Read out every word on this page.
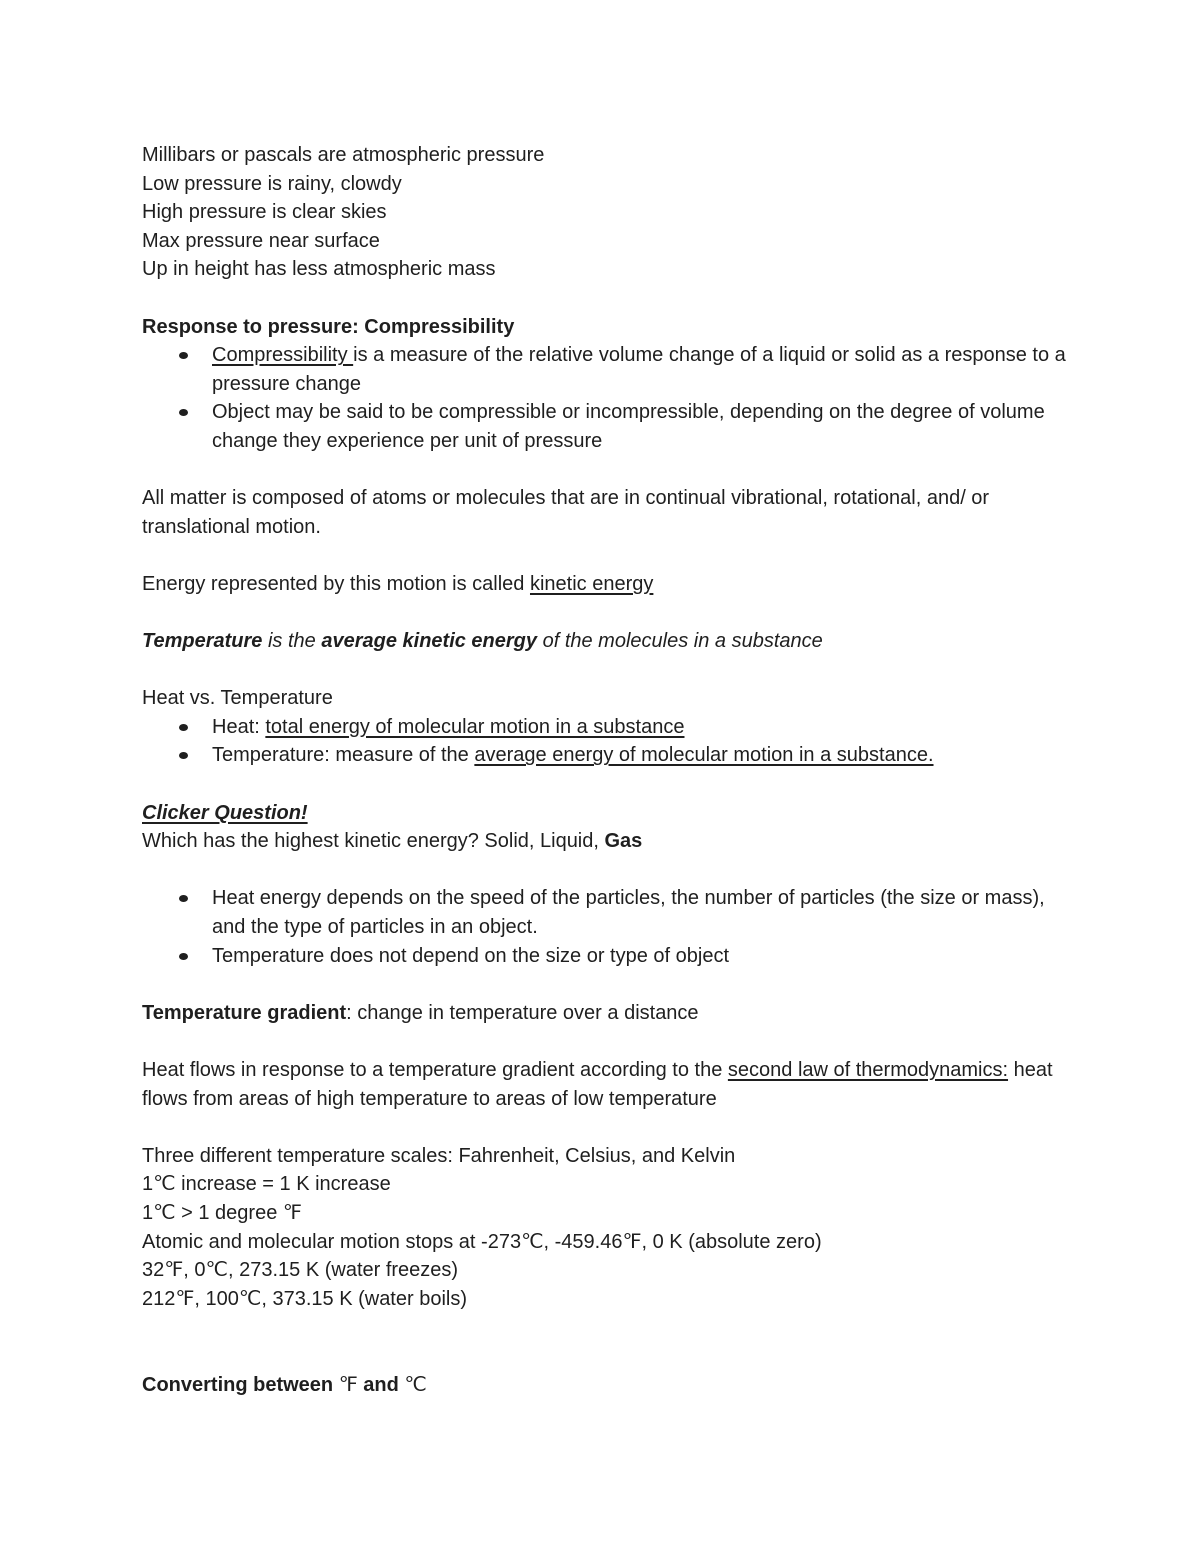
Millibars or pascals are atmospheric pressure

Low pressure is rainy, clowdy

High pressure is clear skies

Max pressure near surface

Up in height has less atmospheric mass

Response to pressure: Compressibility

Compressibility is a measure of the relative volume change of a liquid or solid as a response to a pressure change
Object may be said to be compressible or incompressible, depending on the degree of volume change they experience per unit of pressure

All matter is composed of atoms or molecules that are in continual vibrational, rotational, and/ or translational motion.

Energy represented by this motion is called kinetic energy

Temperature is the average kinetic energy of the molecules in a substance

Heat vs. Temperature

Heat: total energy of molecular motion in a substance
Temperature: measure of the average energy of molecular motion in a substance.

Clicker Question!

Which has the highest kinetic energy? Solid, Liquid, Gas

Heat energy depends on the speed of the particles, the number of particles (the size or mass), and the type of particles in an object.
Temperature does not depend on the size or type of object

Temperature gradient: change in temperature over a distance

Heat flows in response to a temperature gradient according to the second law of thermodynamics: heat flows from areas of high temperature to areas of low temperature

Three different temperature scales: Fahrenheit, Celsius, and Kelvin

1℃ increase = 1 K increase

1℃ > 1 degree ℉

Atomic and molecular motion stops at -273℃, -459.46℉, 0 K (absolute zero)

32℉, 0℃, 273.15 K (water freezes)

212℉, 100℃, 373.15 K (water boils)

Converting between ℉ and ℃
